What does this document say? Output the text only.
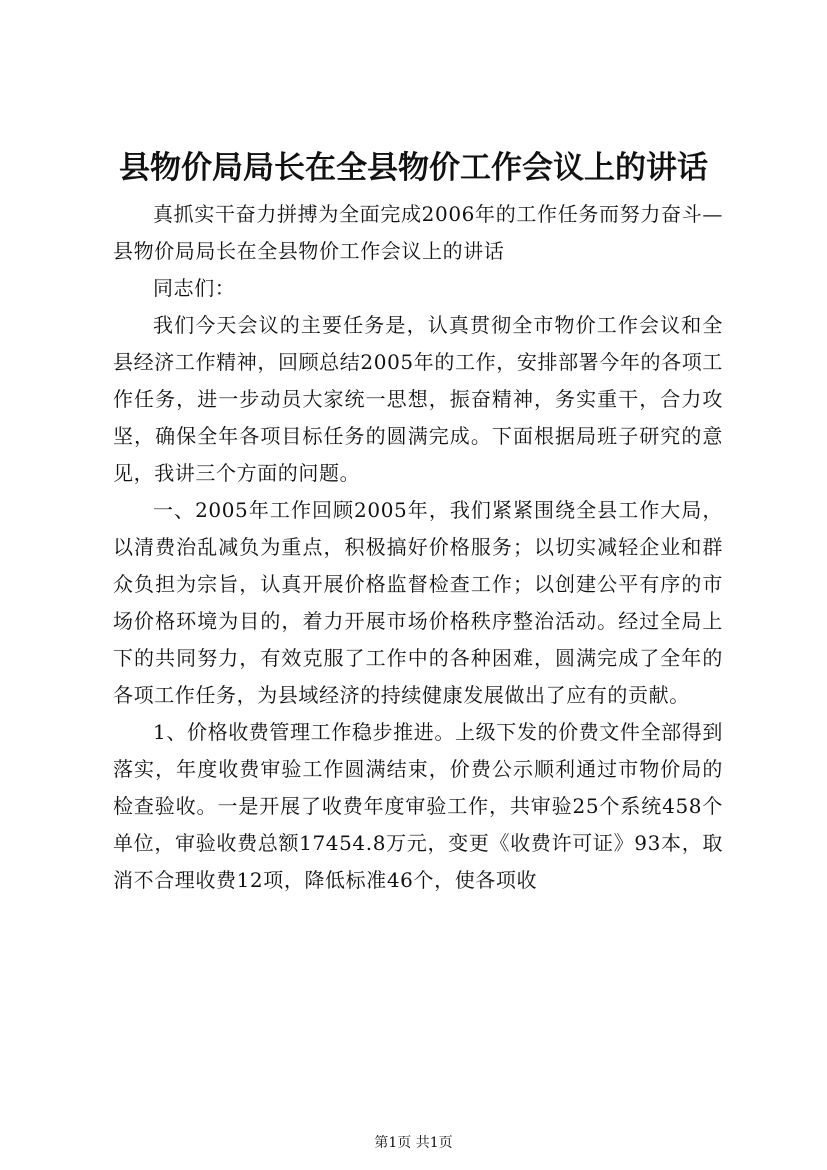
县物价局局长在全县物价工作会议上的讲话

真抓实干奋力拼搏为全面完成2006年的工作任务而努力奋斗—县物价局局长在全县物价工作会议上的讲话

同志们：

我们今天会议的主要任务是，认真贯彻全市物价工作会议和全县经济工作精神，回顾总结2005年的工作，安排部署今年的各项工作任务，进一步动员大家统一思想，振奋精神，务实重干，合力攻坚，确保全年各项目标任务的圆满完成。下面根据局班子研究的意见，我讲三个方面的问题。

一、2005年工作回顾2005年，我们紧紧围绕全县工作大局，以清费治乱减负为重点，积极搞好价格服务；以切实减轻企业和群众负担为宗旨，认真开展价格监督检查工作；以创建公平有序的市场价格环境为目的，着力开展市场价格秩序整治活动。经过全局上下的共同努力，有效克服了工作中的各种困难，圆满完成了全年的各项工作任务，为县域经济的持续健康发展做出了应有的贡献。

1、价格收费管理工作稳步推进。上级下发的价费文件全部得到落实，年度收费审验工作圆满结束，价费公示顺利通过市物价局的检查验收。一是开展了收费年度审验工作，共审验25个系统458个单位，审验收费总额17454.8万元，变更《收费许可证》93本，取消不合理收费12项，降低标准46个，使各项收

第1页 共1页
